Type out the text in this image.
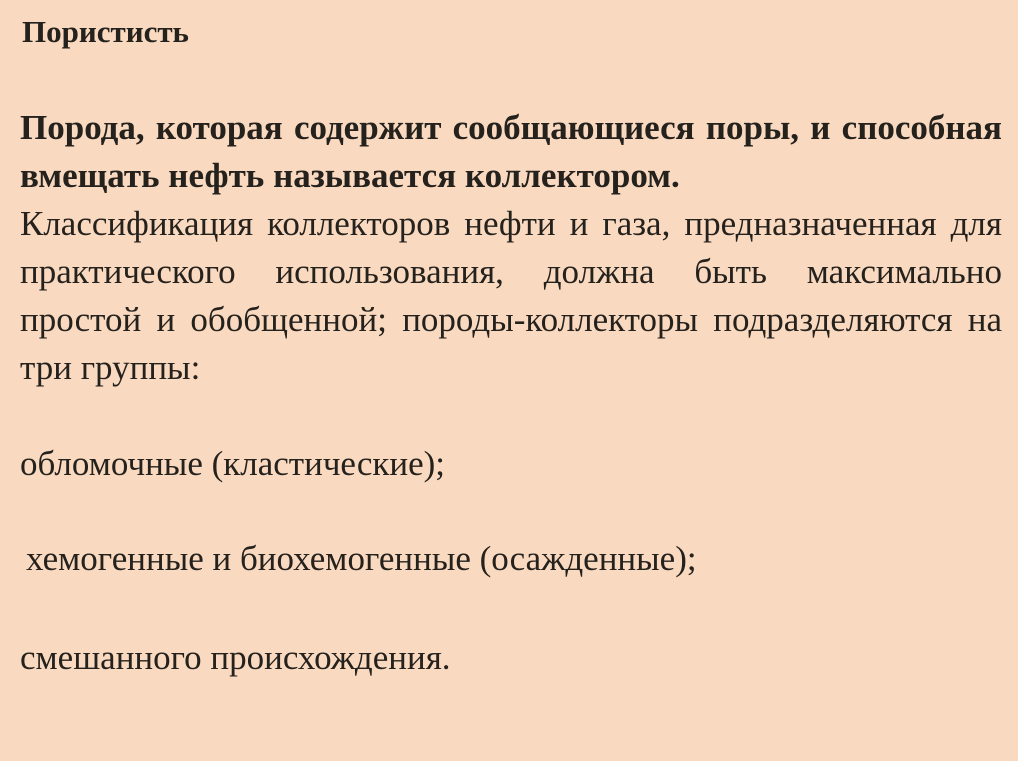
Пористисть
Порода, которая содержит сообщающиеся поры, и способная вмещать нефть называется коллектором.
Классификация коллекторов нефти и газа, предназначенная для практического использования, должна быть максимально простой и обобщенной; породы-коллекторы подразделяются на три группы:
обломочные (кластические);
хемогенные и биохемогенные (осажденные);
смешанного происхождения.
